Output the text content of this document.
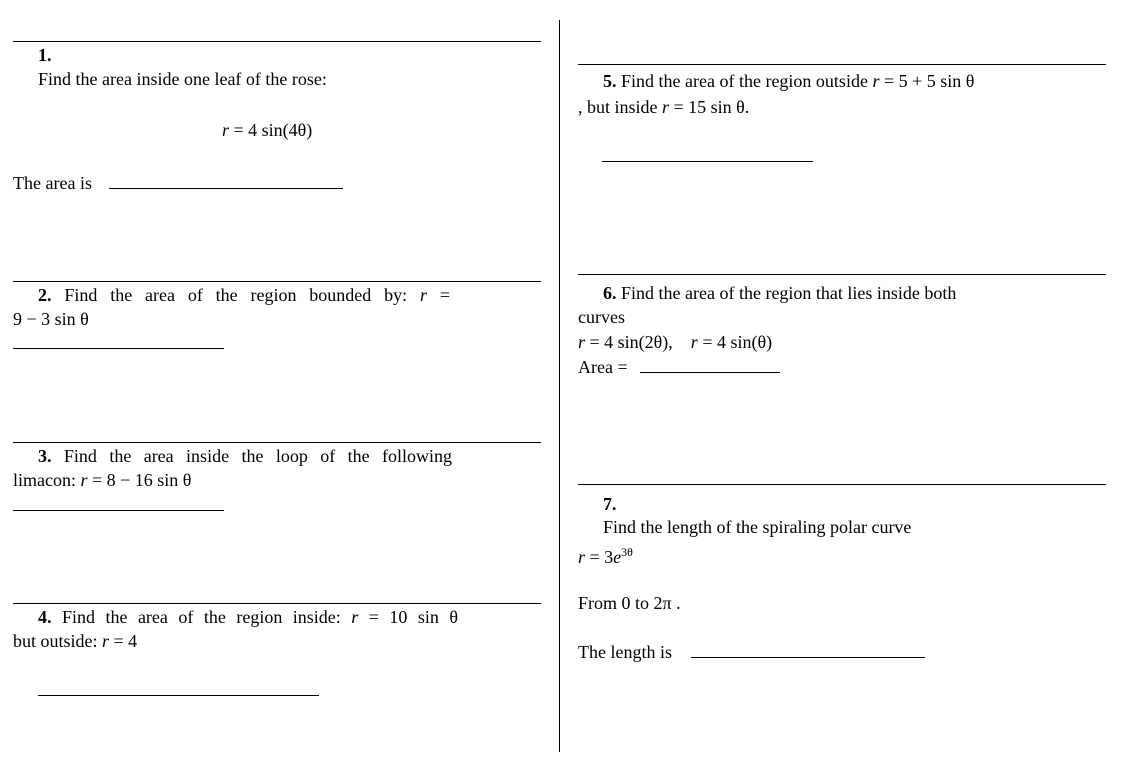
1.
Find the area inside one leaf of the rose:
r = 4 sin(4θ)
The area is
2. Find the area of the region bounded by: r =
9 − 3 sin θ
3. Find the area inside the loop of the following
limacon: r = 8 − 16 sin θ
4. Find the area of the region inside: r = 10 sin θ
but outside: r = 4
5. Find the area of the region outside r = 5 + 5 sin θ
, but inside r = 15 sin θ.
6. Find the area of the region that lies inside both
curves
r = 4 sin(2θ), r = 4 sin(θ)
Area =
7.
Find the length of the spiraling polar curve
$r = 3e^{3\theta}$
From 0 to 2π .
The length is
